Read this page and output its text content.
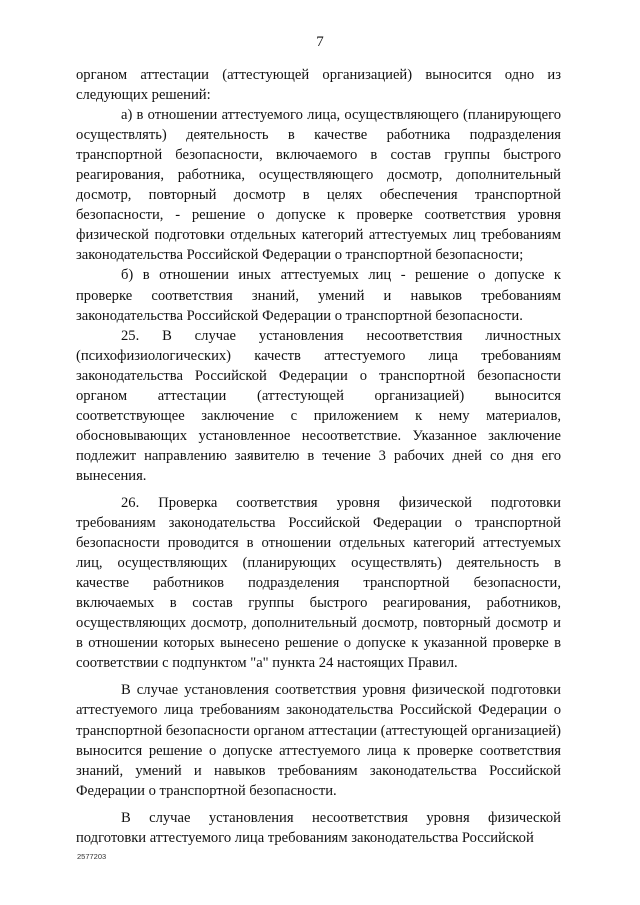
7

органом аттестации (аттестующей организацией) выносится одно из следующих решений:

а) в отношении аттестуемого лица, осуществляющего (планирующего осуществлять) деятельность в качестве работника подразделения транспортной безопасности, включаемого в состав группы быстрого реагирования, работника, осуществляющего досмотр, дополнительный досмотр, повторный досмотр в целях обеспечения транспортной безопасности, - решение о допуске к проверке соответствия уровня физической подготовки отдельных категорий аттестуемых лиц требованиям законодательства Российской Федерации о транспортной безопасности;

б) в отношении иных аттестуемых лиц - решение о допуске к проверке соответствия знаний, умений и навыков требованиям законодательства Российской Федерации о транспортной безопасности.

25. В случае установления несоответствия личностных (психофизиологических) качеств аттестуемого лица требованиям законодательства Российской Федерации о транспортной безопасности органом аттестации (аттестующей организацией) выносится соответствующее заключение с приложением к нему материалов, обосновывающих установленное несоответствие. Указанное заключение подлежит направлению заявителю в течение 3 рабочих дней со дня его вынесения.

26. Проверка соответствия уровня физической подготовки требованиям законодательства Российской Федерации о транспортной безопасности проводится в отношении отдельных категорий аттестуемых лиц, осуществляющих (планирующих осуществлять) деятельность в качестве работников подразделения транспортной безопасности, включаемых в состав группы быстрого реагирования, работников, осуществляющих досмотр, дополнительный досмотр, повторный досмотр и в отношении которых вынесено решение о допуске к указанной проверке в соответствии с подпунктом "а" пункта 24 настоящих Правил.

В случае установления соответствия уровня физической подготовки аттестуемого лица требованиям законодательства Российской Федерации о транспортной безопасности органом аттестации (аттестующей организацией) выносится решение о допуске аттестуемого лица к проверке соответствия знаний, умений и навыков требованиям законодательства Российской Федерации о транспортной безопасности.

В случае установления несоответствия уровня физической подготовки аттестуемого лица требованиям законодательства Российской

2577203
